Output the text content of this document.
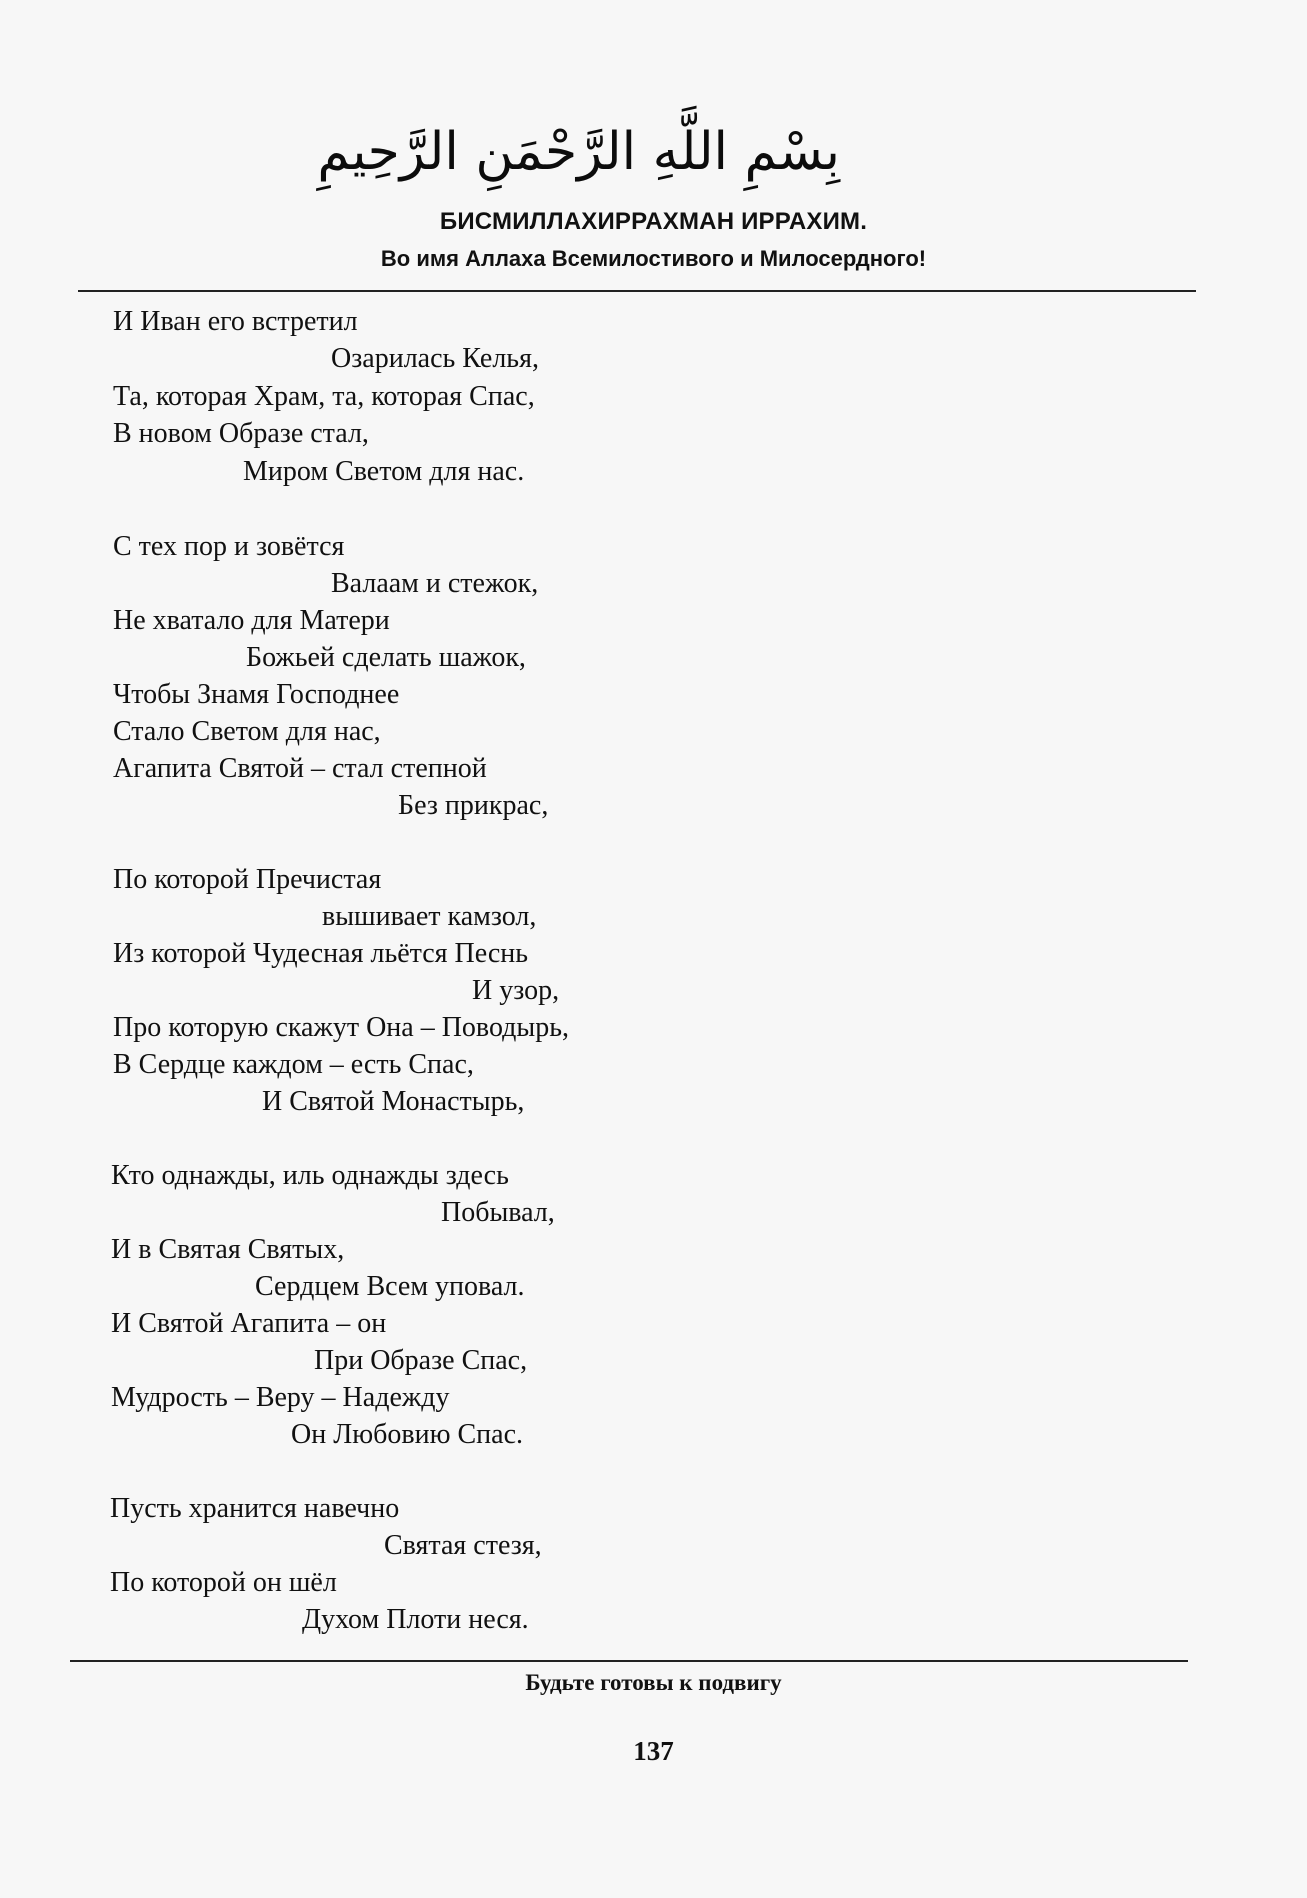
بِسْمِ اللَّهِ الرَّحْمَنِ الرَّحِيمِ
БИСМИЛЛАХИРРАХМАН ИРРАХИМ.
Во имя Аллаха Всемилостивого и Милосердного!
И Иван его встретил
Озарилась Келья,
Та, которая Храм, та, которая Спас,
В новом Образе стал,
Миром Светом для нас.
С тех пор и зовётся
Валаам и стежок,
Не хватало для Матери
Божьей сделать шажок,
Чтобы Знамя Господнее
Стало Светом для нас,
Агапита Святой – стал степной
Без прикрас,
По которой Пречистая
вышивает камзол,
Из которой Чудесная льётся Песнь
И узор,
Про которую скажут Она – Поводырь,
В Сердце каждом – есть Спас,
И Святой Монастырь,
Кто однажды, иль однажды здесь
Побывал,
И в Святая Святых,
Сердцем Всем уповал.
И Святой Агапита – он
При Образе Спас,
Мудрость – Веру – Надежду
Он Любовию Спас.
Пусть хранится навечно
Святая стезя,
По которой он шёл
Духом Плоти неся.
Будьте готовы к подвигу
137
